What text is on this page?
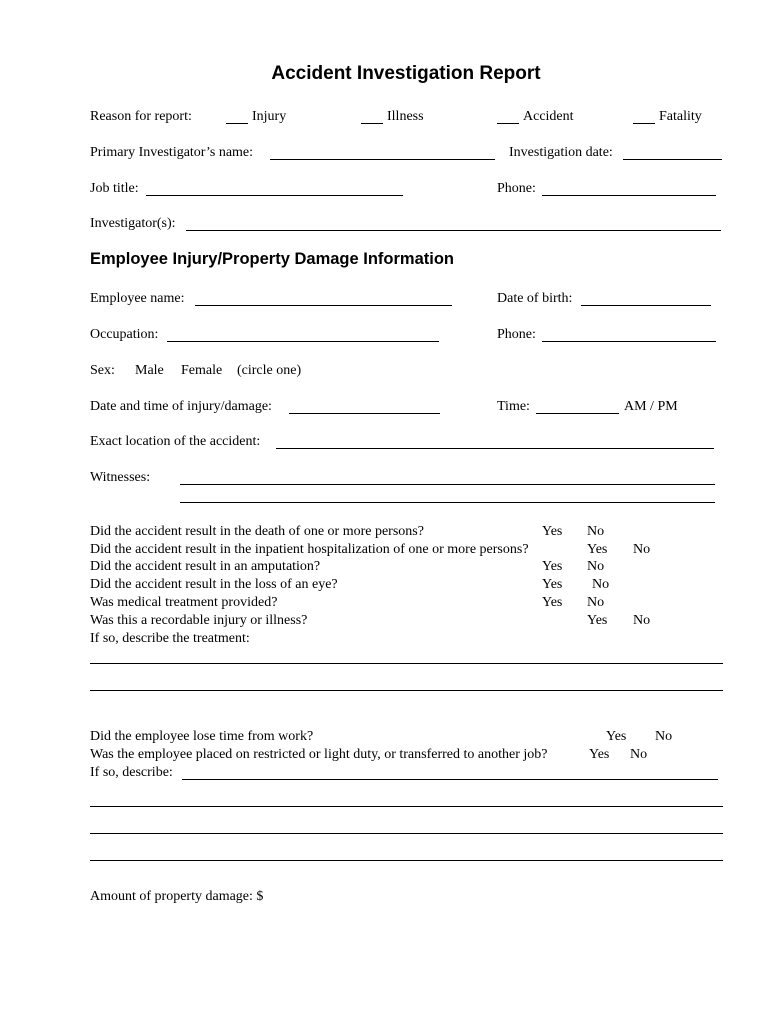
Accident Investigation Report
Reason for report:	Injury	Illness	Accident	Fatality
Primary Investigator’s name:	Investigation date:
Job title:	Phone:
Investigator(s):
Employee Injury/Property Damage Information
Employee name:	Date of birth:
Occupation:	Phone:
Sex: Male Female (circle one)
Date and time of injury/damage:	Time:	AM / PM
Exact location of the accident:
Witnesses:
Did the accident result in the death of one or more persons?	Yes No
Did the accident result in the inpatient hospitalization of one or more persons?	Yes No
Did the accident result in an amputation?	Yes No
Did the accident result in the loss of an eye?	Yes No
Was medical treatment provided?	Yes No
Was this a recordable injury or illness?	Yes No
If so, describe the treatment:
Did the employee lose time from work?	Yes No
Was the employee placed on restricted or light duty, or transferred to another job?	Yes No
If so, describe:
Amount of property damage: $
